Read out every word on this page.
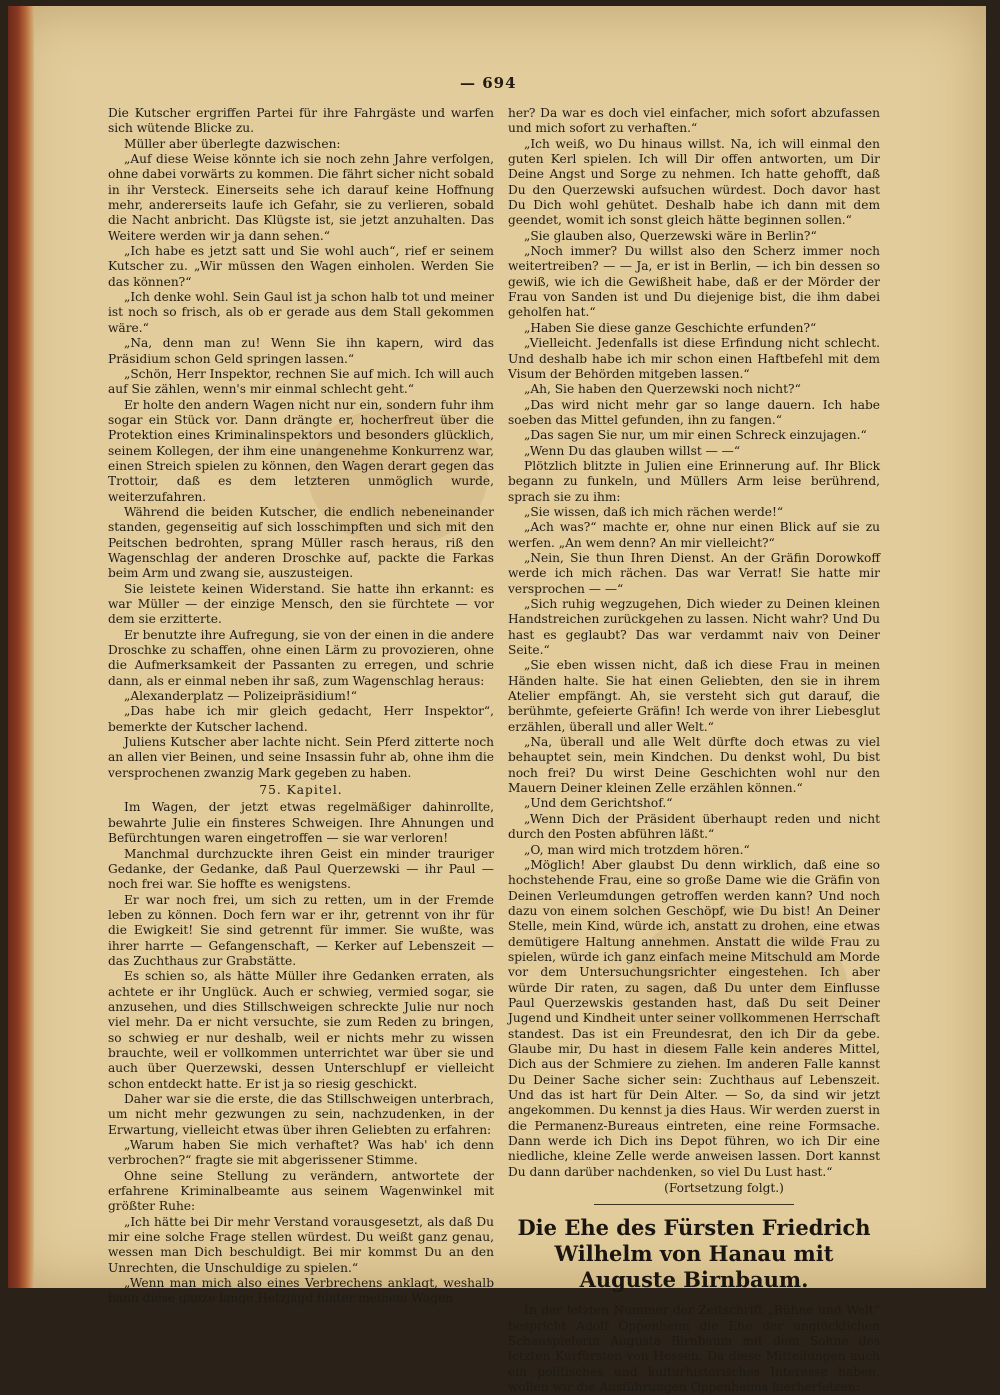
— 694

Die Kutscher ergriffen Partei für ihre Fahrgäste und warfen sich wütende Blicke zu.

Müller aber überlegte dazwischen:

„Auf diese Weise könnte ich sie noch zehn Jahre verfolgen, ohne dabei vorwärts zu kommen. Die fährt sicher nicht sobald in ihr Versteck. Einerseits sehe ich darauf keine Hoffnung mehr, andererseits laufe ich Gefahr, sie zu verlieren, sobald die Nacht anbricht. Das Klügste ist, sie jetzt anzuhalten. Das Weitere werden wir ja dann sehen.“

„Ich habe es jetzt satt und Sie wohl auch“, rief er seinem Kutscher zu. „Wir müssen den Wagen einholen. Werden Sie das können?“

„Ich denke wohl. Sein Gaul ist ja schon halb tot und meiner ist noch so frisch, als ob er gerade aus dem Stall gekommen wäre.“

„Na, denn man zu! Wenn Sie ihn kapern, wird das Präsidium schon Geld springen lassen.“

„Schön, Herr Inspektor, rechnen Sie auf mich. Ich will auch auf Sie zählen, wenn's mir einmal schlecht geht.“

Er holte den andern Wagen nicht nur ein, sondern fuhr ihm sogar ein Stück vor. Dann drängte er, hocherfreut über die Protektion eines Kriminalinspektors und besonders glücklich, seinem Kollegen, der ihm eine unangenehme Konkurrenz war, einen Streich spielen zu können, den Wagen derart gegen das Trottoir, daß es dem letzteren unmöglich wurde, weiterzufahren.

Während die beiden Kutscher, die endlich nebeneinander standen, gegenseitig auf sich losschimpften und sich mit den Peitschen bedrohten, sprang Müller rasch heraus, riß den Wagenschlag der anderen Droschke auf, packte die Farkas beim Arm und zwang sie, auszusteigen.

Sie leistete keinen Widerstand. Sie hatte ihn erkannt: es war Müller — der einzige Mensch, den sie fürchtete — vor dem sie erzitterte.

Er benutzte ihre Aufregung, sie von der einen in die andere Droschke zu schaffen, ohne einen Lärm zu provozieren, ohne die Aufmerksamkeit der Passanten zu erregen, und schrie dann, als er einmal neben ihr saß, zum Wagenschlag heraus:

„Alexanderplatz — Polizeipräsidium!“

„Das habe ich mir gleich gedacht, Herr Inspektor“, bemerkte der Kutscher lachend.

Juliens Kutscher aber lachte nicht. Sein Pferd zitterte noch an allen vier Beinen, und seine Insassin fuhr ab, ohne ihm die versprochenen zwanzig Mark gegeben zu haben.

75. Kapitel.

Im Wagen, der jetzt etwas regelmäßiger dahinrollte, bewahrte Julie ein finsteres Schweigen. Ihre Ahnungen und Befürchtungen waren eingetroffen — sie war verloren!

Manchmal durchzuckte ihren Geist ein minder trauriger Gedanke, der Gedanke, daß Paul Querzewski — ihr Paul — noch frei war. Sie hoffte es wenigstens.

Er war noch frei, um sich zu retten, um in der Fremde leben zu können. Doch fern war er ihr, getrennt von ihr für die Ewigkeit! Sie sind getrennt für immer. Sie wußte, was ihrer harrte — Gefangenschaft, — Kerker auf Lebenszeit — das Zuchthaus zur Grabstätte.

Es schien so, als hätte Müller ihre Gedanken erraten, als achtete er ihr Unglück. Auch er schwieg, vermied sogar, sie anzusehen, und dies Stillschweigen schreckte Julie nur noch viel mehr. Da er nicht versuchte, sie zum Reden zu bringen, so schwieg er nur deshalb, weil er nichts mehr zu wissen brauchte, weil er vollkommen unterrichtet war über sie und auch über Querzewski, dessen Unterschlupf er vielleicht schon entdeckt hatte. Er ist ja so riesig geschickt.

Daher war sie die erste, die das Stillschweigen unterbrach, um nicht mehr gezwungen zu sein, nachzudenken, in der Erwartung, vielleicht etwas über ihren Geliebten zu erfahren:

„Warum haben Sie mich verhaftet? Was hab' ich denn verbrochen?“ fragte sie mit abgerissener Stimme.

Ohne seine Stellung zu verändern, antwortete der erfahrene Kriminalbeamte aus seinem Wagenwinkel mit größter Ruhe:

„Ich hätte bei Dir mehr Verstand vorausgesetzt, als daß Du mir eine solche Frage stellen würdest. Du weißt ganz genau, wessen man Dich beschuldigt. Bei mir kommst Du an den Unrechten, die Unschuldige zu spielen.“

„Wenn man mich also eines Verbrechens anklagt, weshalb bann diese ganze lange Hetzjagd hinter meinem Wagen

her? Da war es doch viel einfacher, mich sofort abzufassen und mich sofort zu verhaften.“

„Ich weiß, wo Du hinaus willst. Na, ich will einmal den guten Kerl spielen. Ich will Dir offen antworten, um Dir Deine Angst und Sorge zu nehmen. Ich hatte gehofft, daß Du den Querzewski aufsuchen würdest. Doch davor hast Du Dich wohl gehütet. Deshalb habe ich dann mit dem geendet, womit ich sonst gleich hätte beginnen sollen.“

„Sie glauben also, Querzewski wäre in Berlin?“

„Noch immer? Du willst also den Scherz immer noch weitertreiben? — — Ja, er ist in Berlin, — ich bin dessen so gewiß, wie ich die Gewißheit habe, daß er der Mörder der Frau von Sanden ist und Du diejenige bist, die ihm dabei geholfen hat.“

„Haben Sie diese ganze Geschichte erfunden?“

„Vielleicht. Jedenfalls ist diese Erfindung nicht schlecht. Und deshalb habe ich mir schon einen Haftbefehl mit dem Visum der Behörden mitgeben lassen.“

„Ah, Sie haben den Querzewski noch nicht?“

„Das wird nicht mehr gar so lange dauern. Ich habe soeben das Mittel gefunden, ihn zu fangen.“

„Das sagen Sie nur, um mir einen Schreck einzujagen.“

„Wenn Du das glauben willst — —“

Plötzlich blitzte in Julien eine Erinnerung auf. Ihr Blick begann zu funkeln, und Müllers Arm leise berührend, sprach sie zu ihm:

„Sie wissen, daß ich mich rächen werde!“

„Ach was?“ machte er, ohne nur einen Blick auf sie zu werfen. „An wem denn? An mir vielleicht?“

„Nein, Sie thun Ihren Dienst. An der Gräfin Dorowkoff werde ich mich rächen. Das war Verrat! Sie hatte mir versprochen — —“

„Sich ruhig wegzugehen, Dich wieder zu Deinen kleinen Handstreichen zurückgehen zu lassen. Nicht wahr? Und Du hast es geglaubt? Das war verdammt naiv von Deiner Seite.“

„Sie eben wissen nicht, daß ich diese Frau in meinen Händen halte. Sie hat einen Geliebten, den sie in ihrem Atelier empfängt. Ah, sie versteht sich gut darauf, die berühmte, gefeierte Gräfin! Ich werde von ihrer Liebesglut erzählen, überall und aller Welt.“

„Na, überall und alle Welt dürfte doch etwas zu viel behauptet sein, mein Kindchen. Du denkst wohl, Du bist noch frei? Du wirst Deine Geschichten wohl nur den Mauern Deiner kleinen Zelle erzählen können.“

„Und dem Gerichtshof.“

„Wenn Dich der Präsident überhaupt reden und nicht durch den Posten abführen läßt.“

„O, man wird mich trotzdem hören.“

„Möglich! Aber glaubst Du denn wirklich, daß eine so hochstehende Frau, eine so große Dame wie die Gräfin von Deinen Verleumdungen getroffen werden kann? Und noch dazu von einem solchen Geschöpf, wie Du bist! An Deiner Stelle, mein Kind, würde ich, anstatt zu drohen, eine etwas demütigere Haltung annehmen. Anstatt die wilde Frau zu spielen, würde ich ganz einfach meine Mitschuld am Morde vor dem Untersuchungsrichter eingestehen. Ich aber würde Dir raten, zu sagen, daß Du unter dem Einflusse Paul Querzewskis gestanden hast, daß Du seit Deiner Jugend und Kindheit unter seiner vollkommenen Herrschaft standest. Das ist ein Freundesrat, den ich Dir da gebe. Glaube mir, Du hast in diesem Falle kein anderes Mittel, Dich aus der Schmiere zu ziehen. Im anderen Falle kannst Du Deiner Sache sicher sein: Zuchthaus auf Lebenszeit. Und das ist hart für Dein Alter. — So, da sind wir jetzt angekommen. Du kennst ja dies Haus. Wir werden zuerst in die Permanenz-Bureaus eintreten, eine reine Formsache. Dann werde ich Dich ins Depot führen, wo ich Dir eine niedliche, kleine Zelle werde anweisen lassen. Dort kannst Du dann darüber nachdenken, so viel Du Lust hast.“

(Fortsetzung folgt.)

Die Ehe des Fürsten Friedrich Wilhelm von Hanau mit Auguste Birnbaum.

In der letzten Nummer der Zeitschrift „Bühne und Welt“ bespricht Adolf Oppenheim die Ehe der unglücklichen Schauspielerin Auguste Birnbaum mit dem Sohne des letzten Kurfürsten von Hessen. Da diese Mitteilungen auch ein politisches und kulturhistorisches Interesse haben, wollen wir die Ausführungen Oppenheims hierherſetzen:
